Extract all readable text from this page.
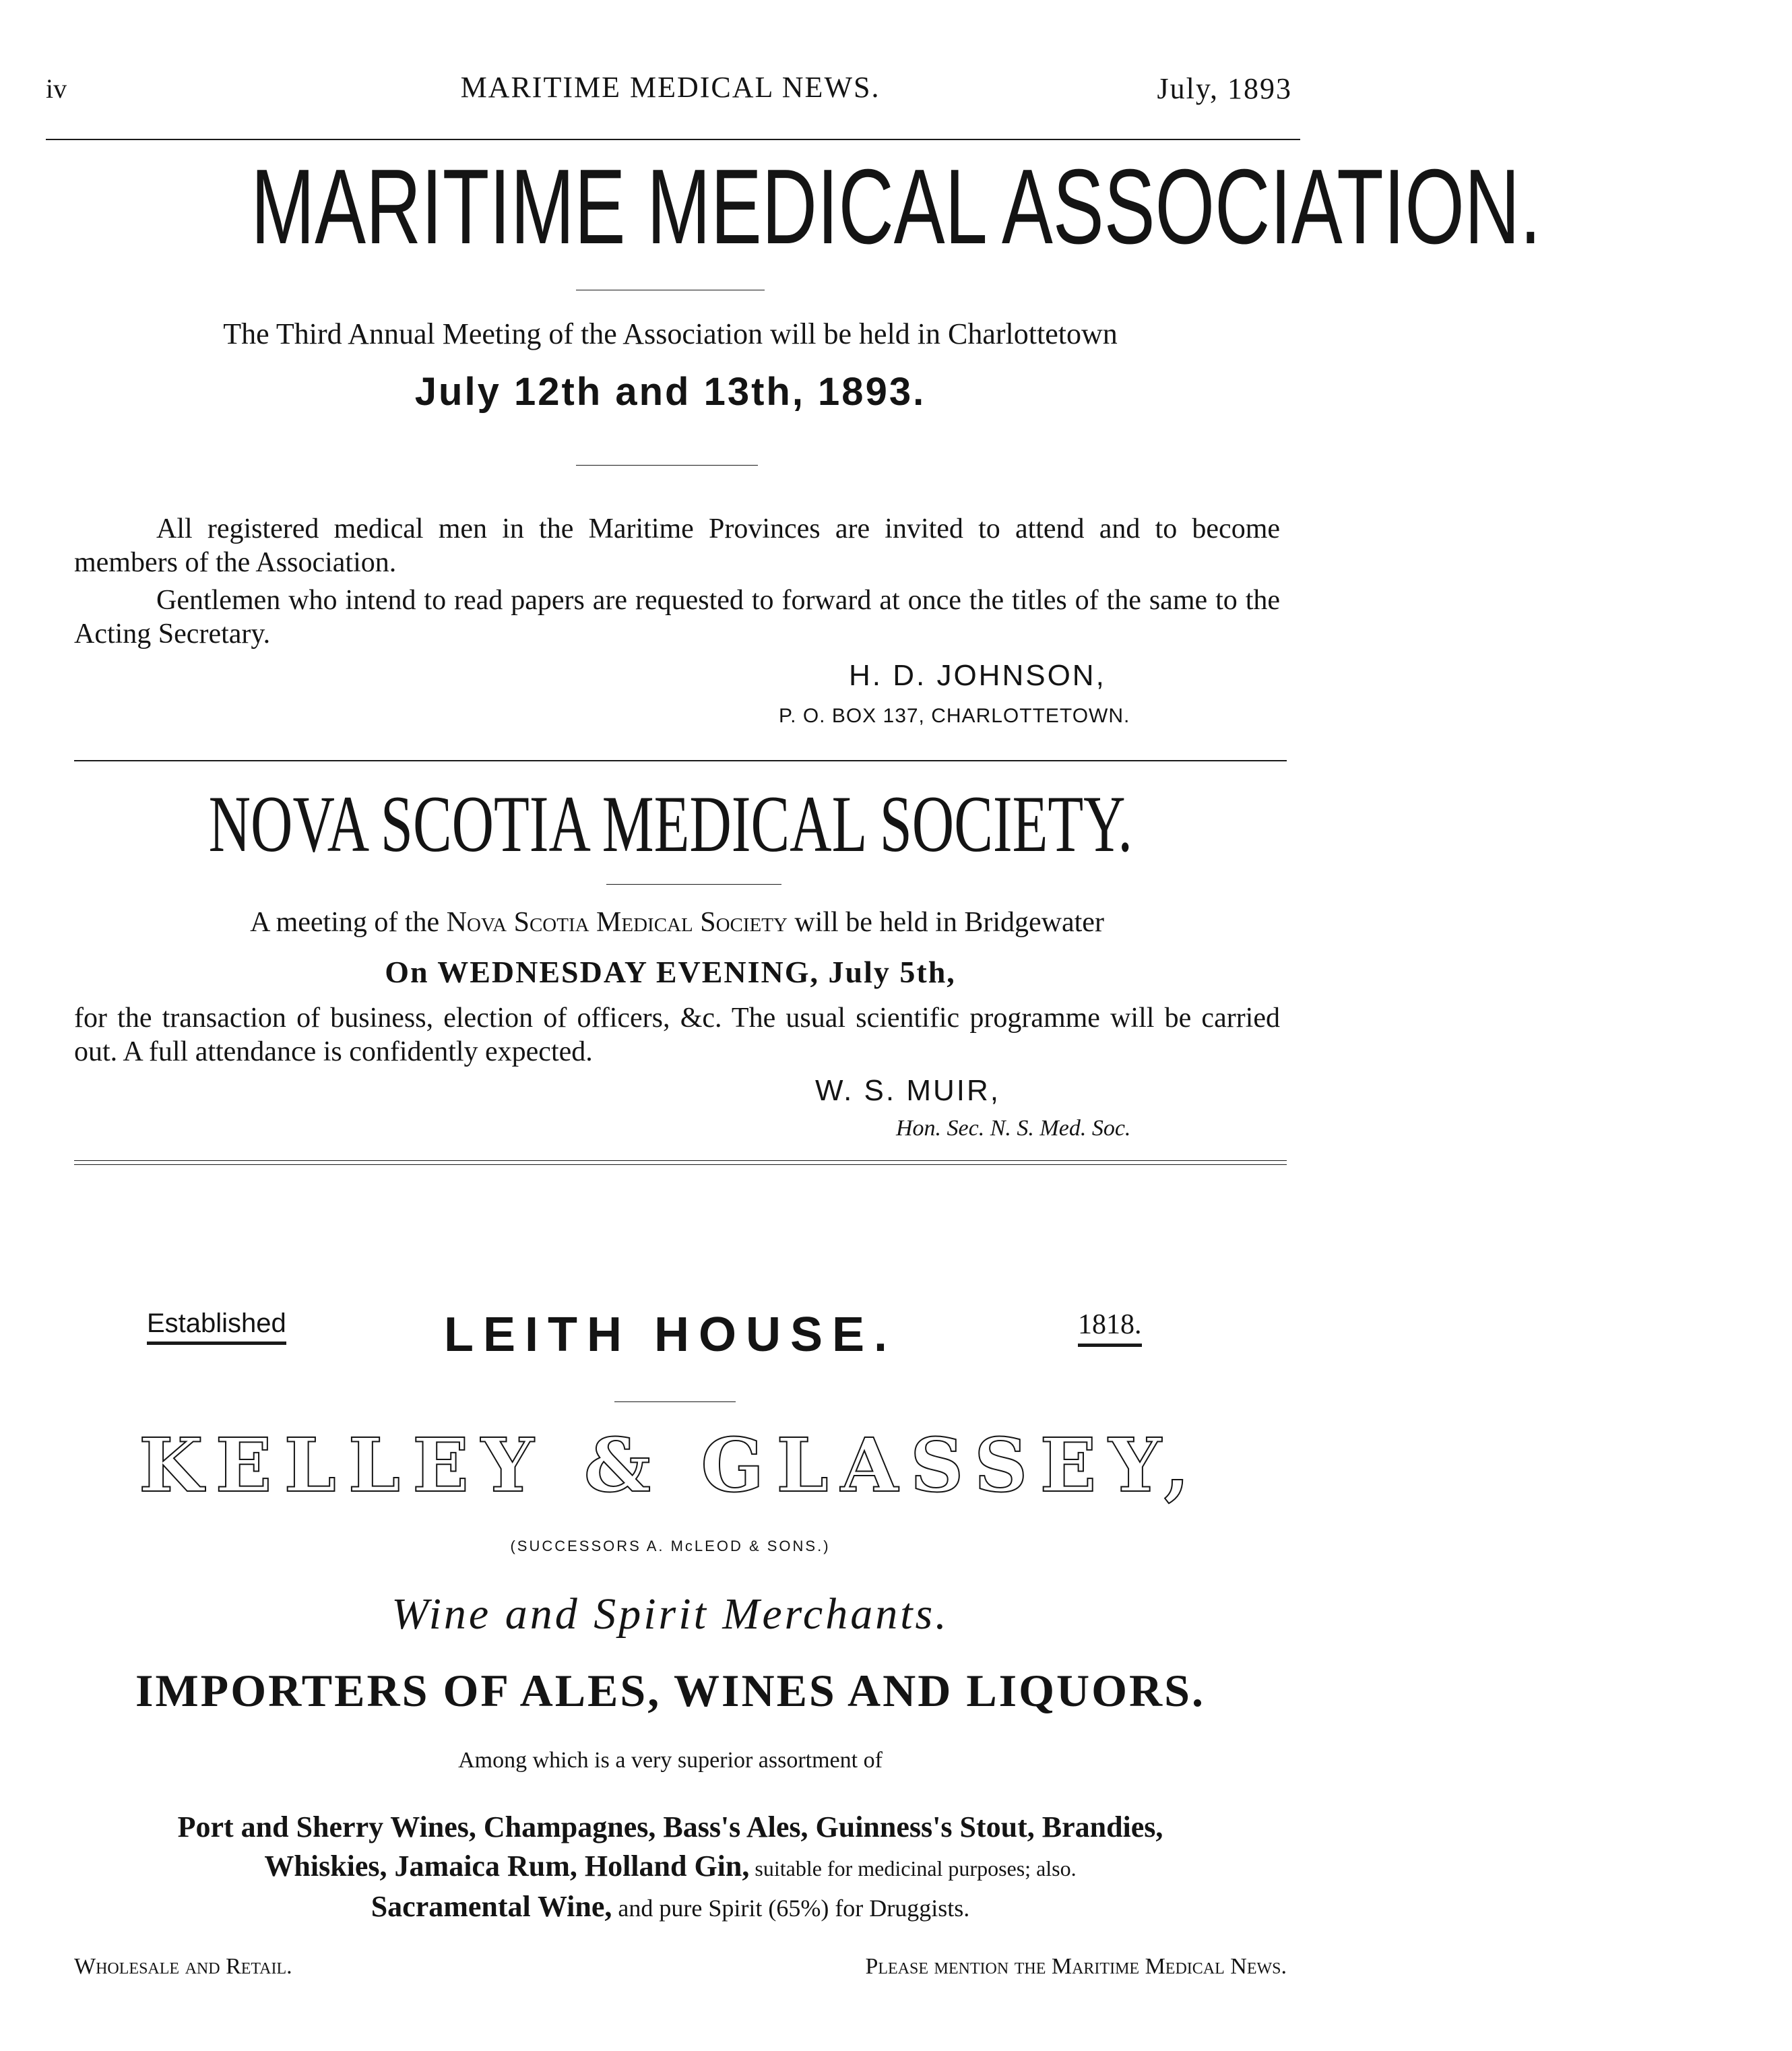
iv	MARITIME MEDICAL NEWS.	July, 1893
MARITIME MEDICAL ASSOCIATION.
The Third Annual Meeting of the Association will be held in Charlottetown
July 12th and 13th, 1893.
All registered medical men in the Maritime Provinces are invited to attend and to become members of the Association.
Gentlemen who intend to read papers are requested to forward at once the titles of the same to the Acting Secretary.
H. D. JOHNSON,
P. O. BOX 137, CHARLOTTETOWN.
NOVA SCOTIA MEDICAL SOCIETY.
A meeting of the Nova Scotia Medical Society will be held in Bridgewater
On WEDNESDAY EVENING, July 5th,
for the transaction of business, election of officers, &c. The usual scientific programme will be carried out. A full attendance is confidently expected.
W. S. MUIR,
Hon. Sec. N. S. Med. Soc.
Established	LEITH HOUSE.	1818.
KELLEY & GLASSEY,
(SUCCESSORS A. McLEOD & SONS.)
Wine and Spirit Merchants.
IMPORTERS OF ALES, WINES AND LIQUORS.
Among which is a very superior assortment of
Port and Sherry Wines, Champagnes, Bass's Ales, Guinness's Stout, Brandies,
Whiskies, Jamaica Rum, Holland Gin, suitable for medicinal purposes; also.
Sacramental Wine, and pure Spirit (65%) for Druggists.
Wholesale and Retail.	Please mention the Maritime Medical News.
